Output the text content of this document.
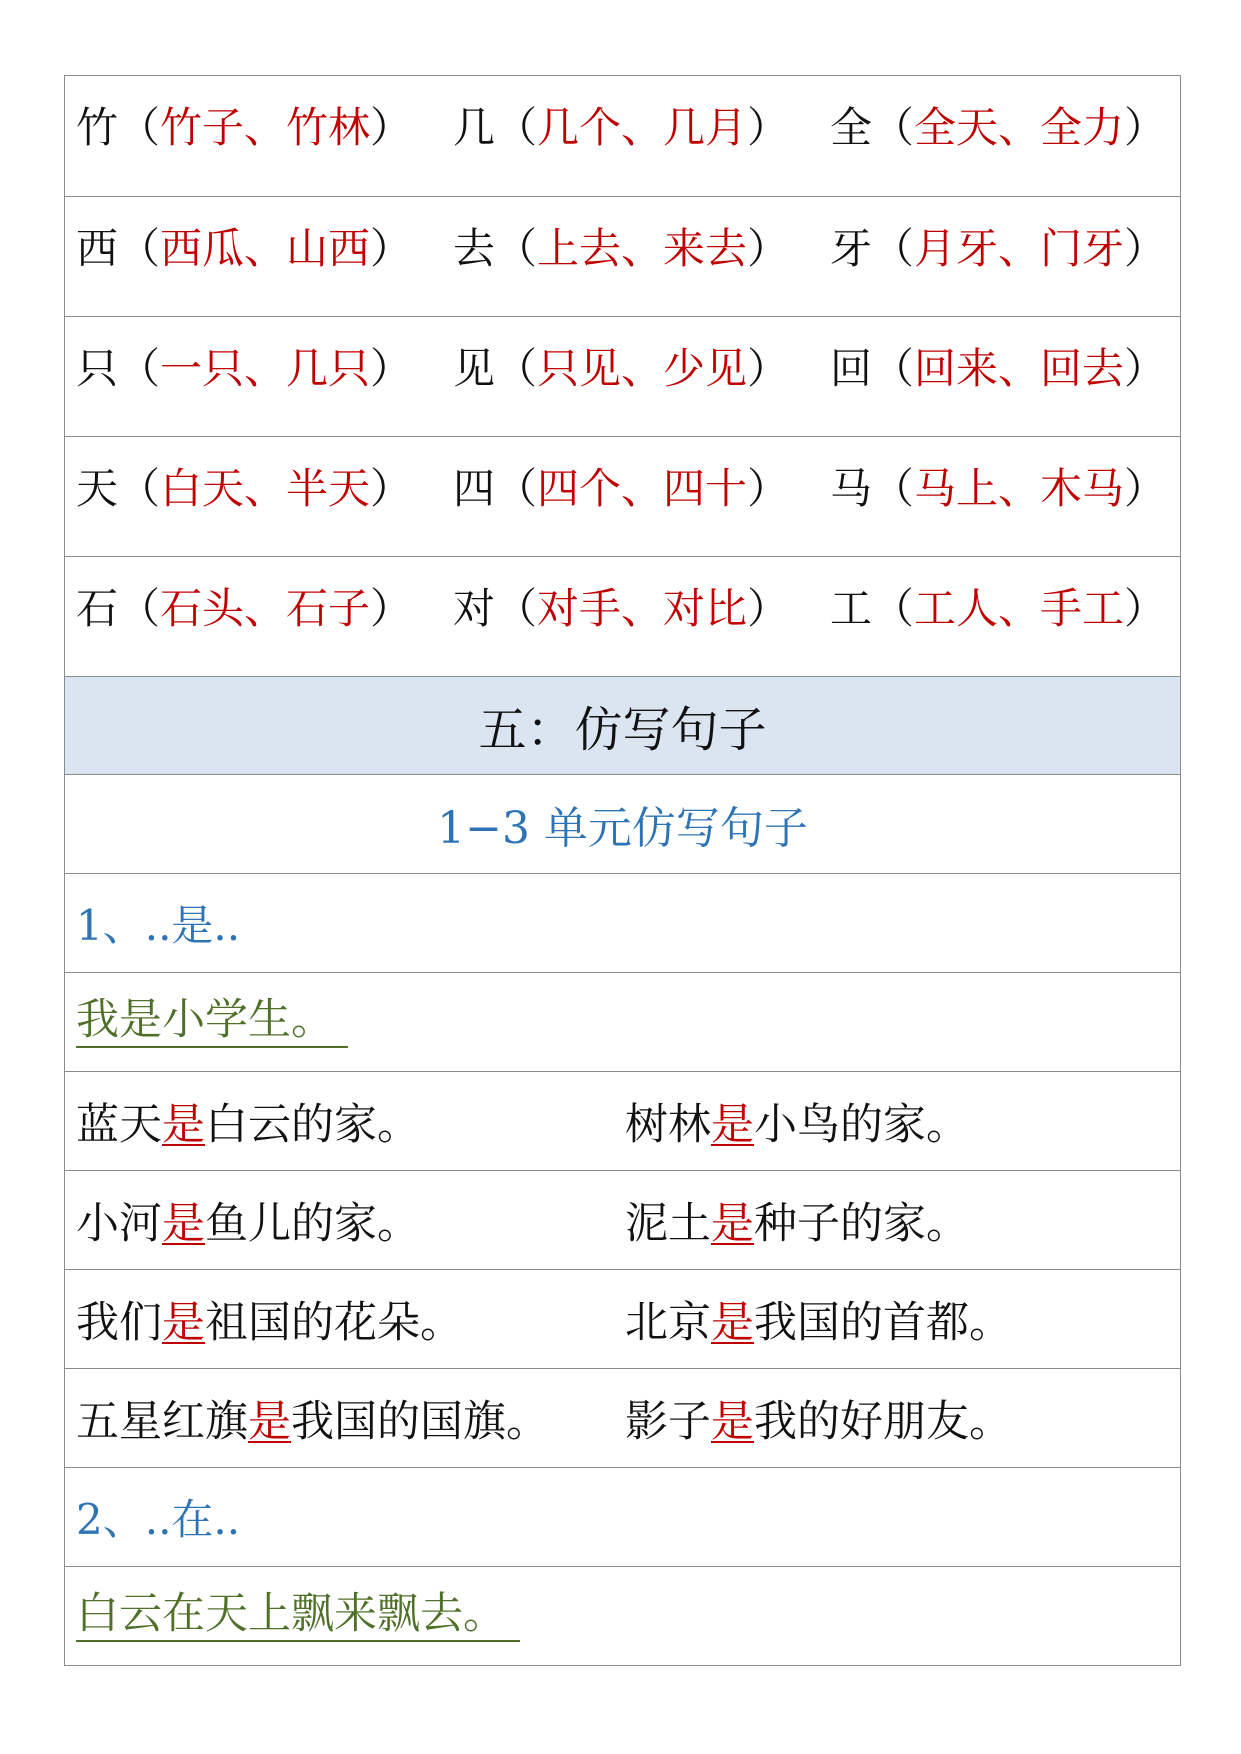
竹 （ 竹子、竹林 ） 几 （ 几个、几月 ） 全 （ 全天、全力 ）
西 （ 西瓜、山西 ） 去 （ 上去、来去 ） 牙 （ 月牙、门牙 ）
只 （ 一只、几只 ） 见 （ 只见、少见 ） 回 （ 回来、回去 ）
天 （ 白天、半天 ） 四 （ 四个、四十 ） 马 （ 马上、木马 ）
石 （ 石头、石子 ） 对 （ 对手、对比 ） 工 （ 工人、手工 ）
五：仿写句子
1−3 单元仿写句子
1、..是..
我是小学生。
蓝天 是 白云的家。	树林 是 小鸟的家。
小河 是 鱼儿的家。	泥土 是 种子的家。
我们 是 祖国的花朵。	北京 是 我国的首都。
五星红旗 是 我国的国旗。 影子 是 我的好朋友。
2、..在..
白云在天上飘来飘去。
